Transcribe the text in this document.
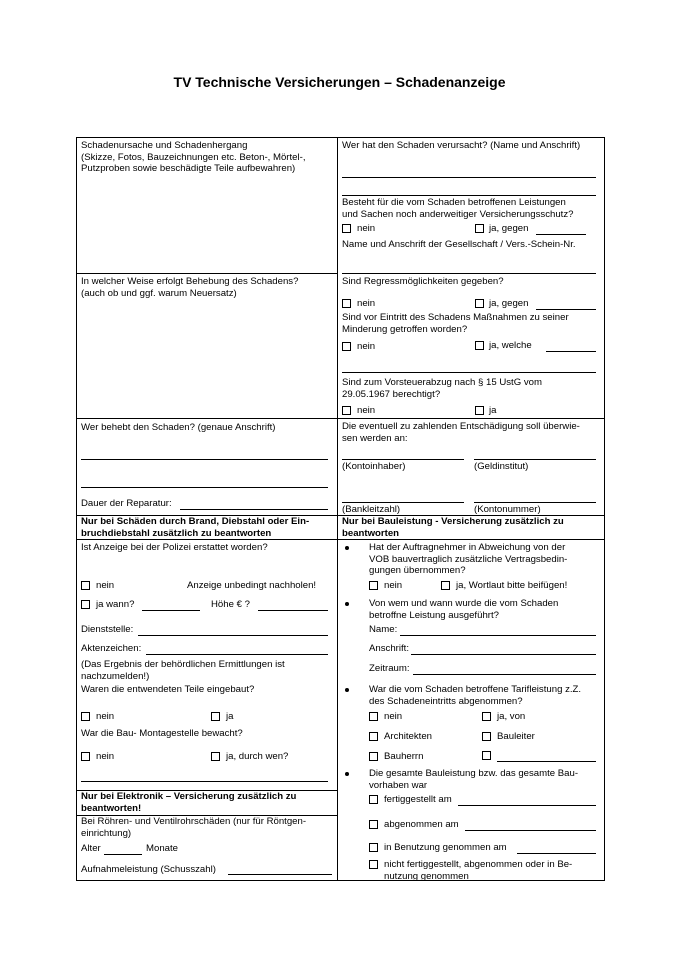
TV Technische Versicherungen – Schadenanzeige
Schadenursache und Schadenhergang
(Skizze, Fotos, Bauzeichnungen etc. Beton-, Mörtel-,
Putzproben sowie beschädigte Teile aufbewahren)
In welcher Weise erfolgt Behebung des Schadens?
(auch ob und ggf. warum Neuersatz)
Wer behebt den Schaden? (genaue Anschrift)
Dauer der Reparatur:
Nur bei Schäden durch Brand, Diebstahl oder Ein-
bruchdiebstahl zusätzlich zu beantworten
Ist Anzeige bei der Polizei erstattet worden?
nein	Anzeige unbedingt nachholen!
ja wann?	Höhe € ?
Dienststelle:
Aktenzeichen:
(Das Ergebnis der behördlichen Ermittlungen ist
nachzumelden!)
Waren die entwendeten Teile eingebaut?
nein	ja
War die Bau- Montagestelle bewacht?
nein	ja, durch wen?
Nur bei Elektronik – Versicherung zusätzlich zu
beantworten!
Bei Röhren- und Ventilrohrschäden (nur für Röntgen-
einrichtung)
Alter	Monate
Aufnahmeleistung (Schusszahl)
Wer hat den Schaden verursacht? (Name und Anschrift)
Besteht für die vom Schaden betroffenen Leistungen
und Sachen noch anderweitiger Versicherungsschutz?
nein	ja, gegen
Name und Anschrift der Gesellschaft / Vers.-Schein-Nr.
Sind Regressmöglichkeiten gegeben?
nein	ja, gegen
Sind vor Eintritt des Schadens Maßnahmen zu seiner
Minderung getroffen worden?
nein	ja, welche
Sind zum Vorsteuerabzug nach § 15 UstG vom
29.05.1967 berechtigt?
nein	ja
Die eventuell zu zahlenden Entschädigung soll überwie-
sen werden an:
(Kontoinhaber)	(Geldinstitut)
(Bankleitzahl)	(Kontonummer)
Nur bei Bauleistung - Versicherung zusätzlich zu
beantworten
Hat der Auftragnehmer in Abweichung von der
VOB bauvertraglich zusätzliche Vertragsbedin-
gungen übernommen?
nein	ja, Wortlaut bitte beifügen!
Von wem und wann wurde die vom Schaden
betroffne Leistung ausgeführt?
Name:
Anschrift:
Zeitraum:
War die vom Schaden betroffene Tarifleistung z.Z.
des Schadeneintritts abgenommen?
nein	ja, von
Architekten	Bauleiter
Bauherrn
Die gesamte Bauleistung bzw. das gesamte Bau-
vorhaben war
fertiggestellt am
abgenommen am
in Benutzung genommen am
nicht fertiggestellt, abgenommen oder in Be-
nutzung genommen
